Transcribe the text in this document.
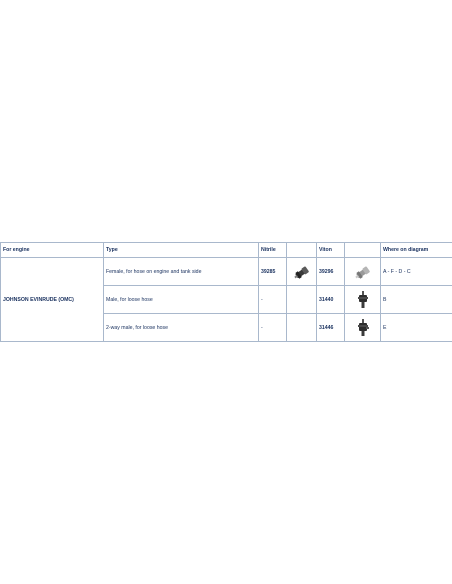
For engine	Type	Nitrile		Viton		Where on diagram
JOHNSON EVINRUDE (OMC)	Female, for hose on engine and tank side	39285		39296		A - F - D - C
	Male, for loose hose	-		31440		B
	2-way male, for loose hose	-		31446		E
